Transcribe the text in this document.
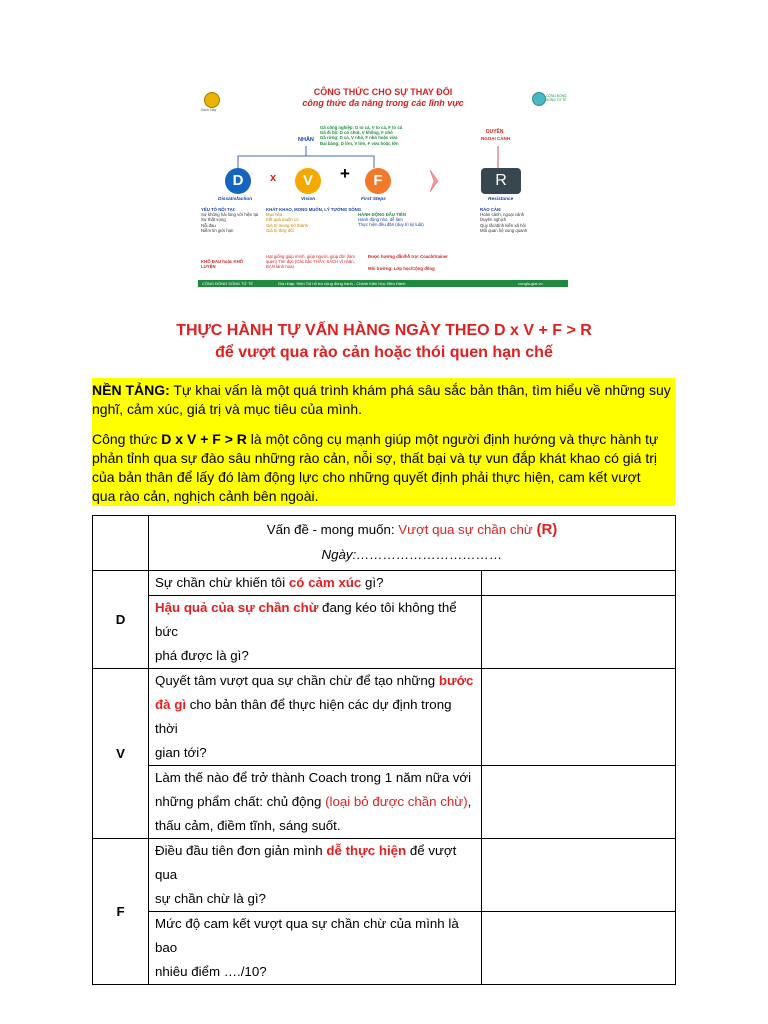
Sach Hay
CỘNG ĐỒNG SỐNG TỬ TẾ
CÔNG THỨC CHO SỰ THAY ĐỔI
công thức đa năng trong các lĩnh vực
NHÂN
Gã công nghiệp: D to cả, V to cả, F to cả
Gã đi bộ: D có chút, V không, F nhỏ
Gã rừng: D cả, V nhỏ, F nhỏ hoặc vừa
Đại bàng: D lớn, V lớn, F vừa hoặc lớn
DUYÊN
NGOẠI CẢNH
D	x	V	+	F	R
Dissatisfaction	Vision	First Steps	Resistance
YẾU TỐ NỘI TẠI:
Sự không hài lòng với hiện tại
Sự thất vọng
Nỗi đau
Niềm tin giới hạn
KHỔ ĐAU hoặc KHỔ LUYỆN
KHÁT KHAO, MONG MUỐN, LÝ TƯỞNG SỐNG
Mục tiêu
Kết quả muốn có
Giá trị mong trở thành
Giá trị thay đổi
Hạt giống giúp mình, giúp người, giúp đời (làm quen) Tìm đọc (Các bậc THẦY, SÁCH vĩ nhân, BẠN lành hoa)
HÀNH ĐỘNG ĐẦU TIÊN
Hành động nhỏ, dễ làm
Thực hiện đều đặn (duy trì kỷ luật)
Được hướng dẫn/hỗ trợ: Coach/trainer
Môi trường: Lớp học/Cộng đồng
RÀO CẢN:
Hoàn cảnh, ngoại cảnh
Duyên nghịch
Quy tắc/định kiến xã hội
Mối quan hệ xung quanh
CỘNG ĐỒNG SỐNG TỬ TẾ	Gia nhập: Hiện Tôi hỗ trợ cộng đồng hành - Chánh Kiến Học Hiền Hành	congtu.giai.vn
THỰC HÀNH TỰ VẤN HÀNG NGÀY THEO D x V + F > R
để vượt qua rào cản hoặc thói quen hạn chế
NỀN TẢNG: Tự khai vấn là một quá trình khám phá sâu sắc bản thân, tìm hiểu về những suy
nghĩ, cảm xúc, giá trị và mục tiêu của mình.
Công thức D x V + F > R là một công cụ mạnh giúp một người định hướng và thực hành tự
phản tỉnh qua sự đào sâu những rào cản, nỗi sợ, thất bại và tự vun đắp khát khao có giá trị
của bản thân để lấy đó làm động lực cho những quyết định phải thực hiện, cam kết vượt
qua rào cản, nghịch cảnh bên ngoài.

	Vấn đề - mong muốn: Vượt qua sự chần chừ (R)
Ngày:……………………………	

D	Sự chần chừ khiến tôi có cảm xúc gì?	
	Hậu quả của sự chần chừ đang kéo tôi không thể bức
phá được là gì?	
V	Quyết tâm vượt qua sự chần chừ để tạo những bước
đà gì cho bản thân để thực hiện các dự định trong thời
gian tới?	
	Làm thế nào để trở thành Coach trong 1 năm nữa với
những phẩm chất: chủ động (loại bỏ được chần chừ),
thấu cảm, điềm tĩnh, sáng suốt.	
F	Điều đầu tiên đơn giản mình dễ thực hiện để vượt qua
sự chần chừ là gì?	
	Mức độ cam kết vượt qua sự chần chừ của mình là bao
nhiêu điểm …./10?	
